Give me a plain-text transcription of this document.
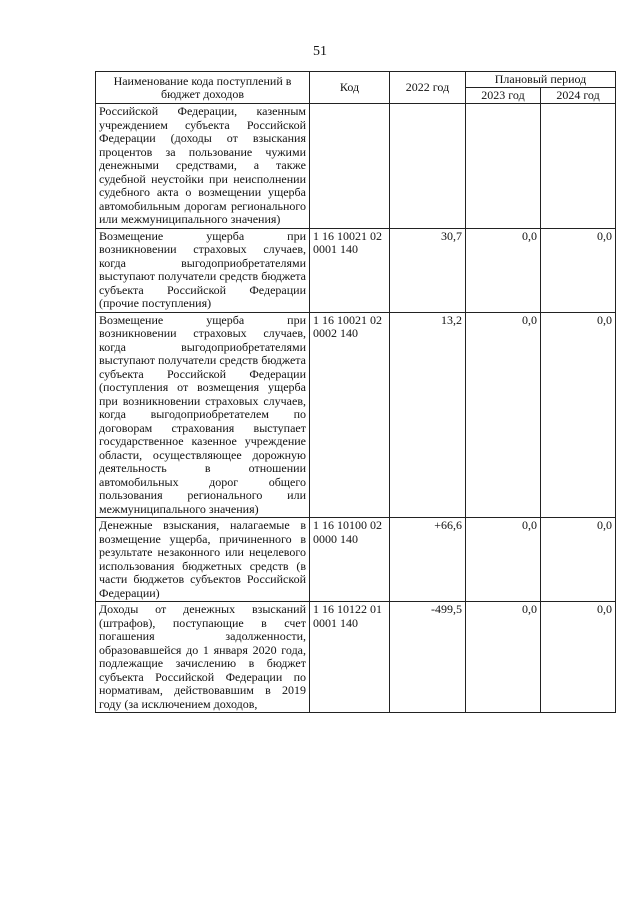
51
Наименование кода поступлений в бюджет доходов	Код	2022 год	Плановый период	
			2023 год	2024 год
Российской Федерации, казенным учреждением субъекта Российской Федерации (доходы от взыскания процентов за пользование чужими денежными средствами, а также судебной неустойки при неисполнении судебного акта о возмещении ущерба автомобильным дорогам регионального или межмуниципального значения)				
Возмещение ущерба при возникновении страховых случаев, когда выгодоприобретателями выступают получатели средств бюджета субъекта Российской Федерации (прочие поступления)	1 16 10021 02 0001 140	30,7	0,0	0,0
Возмещение ущерба при возникновении страховых случаев, когда выгодоприобретателями выступают получатели средств бюджета субъекта Российской Федерации (поступления от возмещения ущерба при возникновении страховых случаев, когда выгодоприобретателем по договорам страхования выступает государственное казенное учреждение области, осуществляющее дорожную деятельность в отношении автомобильных дорог общего пользования регионального или межмуниципального значения)	1 16 10021 02 0002 140	13,2	0,0	0,0
Денежные взыскания, налагаемые в возмещение ущерба, причиненного в результате незаконного или нецелевого использования бюджетных средств (в части бюджетов субъектов Российской Федерации)	1 16 10100 02 0000 140	+66,6	0,0	0,0
Доходы от денежных взысканий (штрафов), поступающие в счет погашения задолженности, образовавшейся до 1 января 2020 года, подлежащие зачислению в бюджет субъекта Российской Федерации по нормативам, действовавшим в 2019 году (за исключением доходов,	1 16 10122 01 0001 140	-499,5	0,0	0,0
